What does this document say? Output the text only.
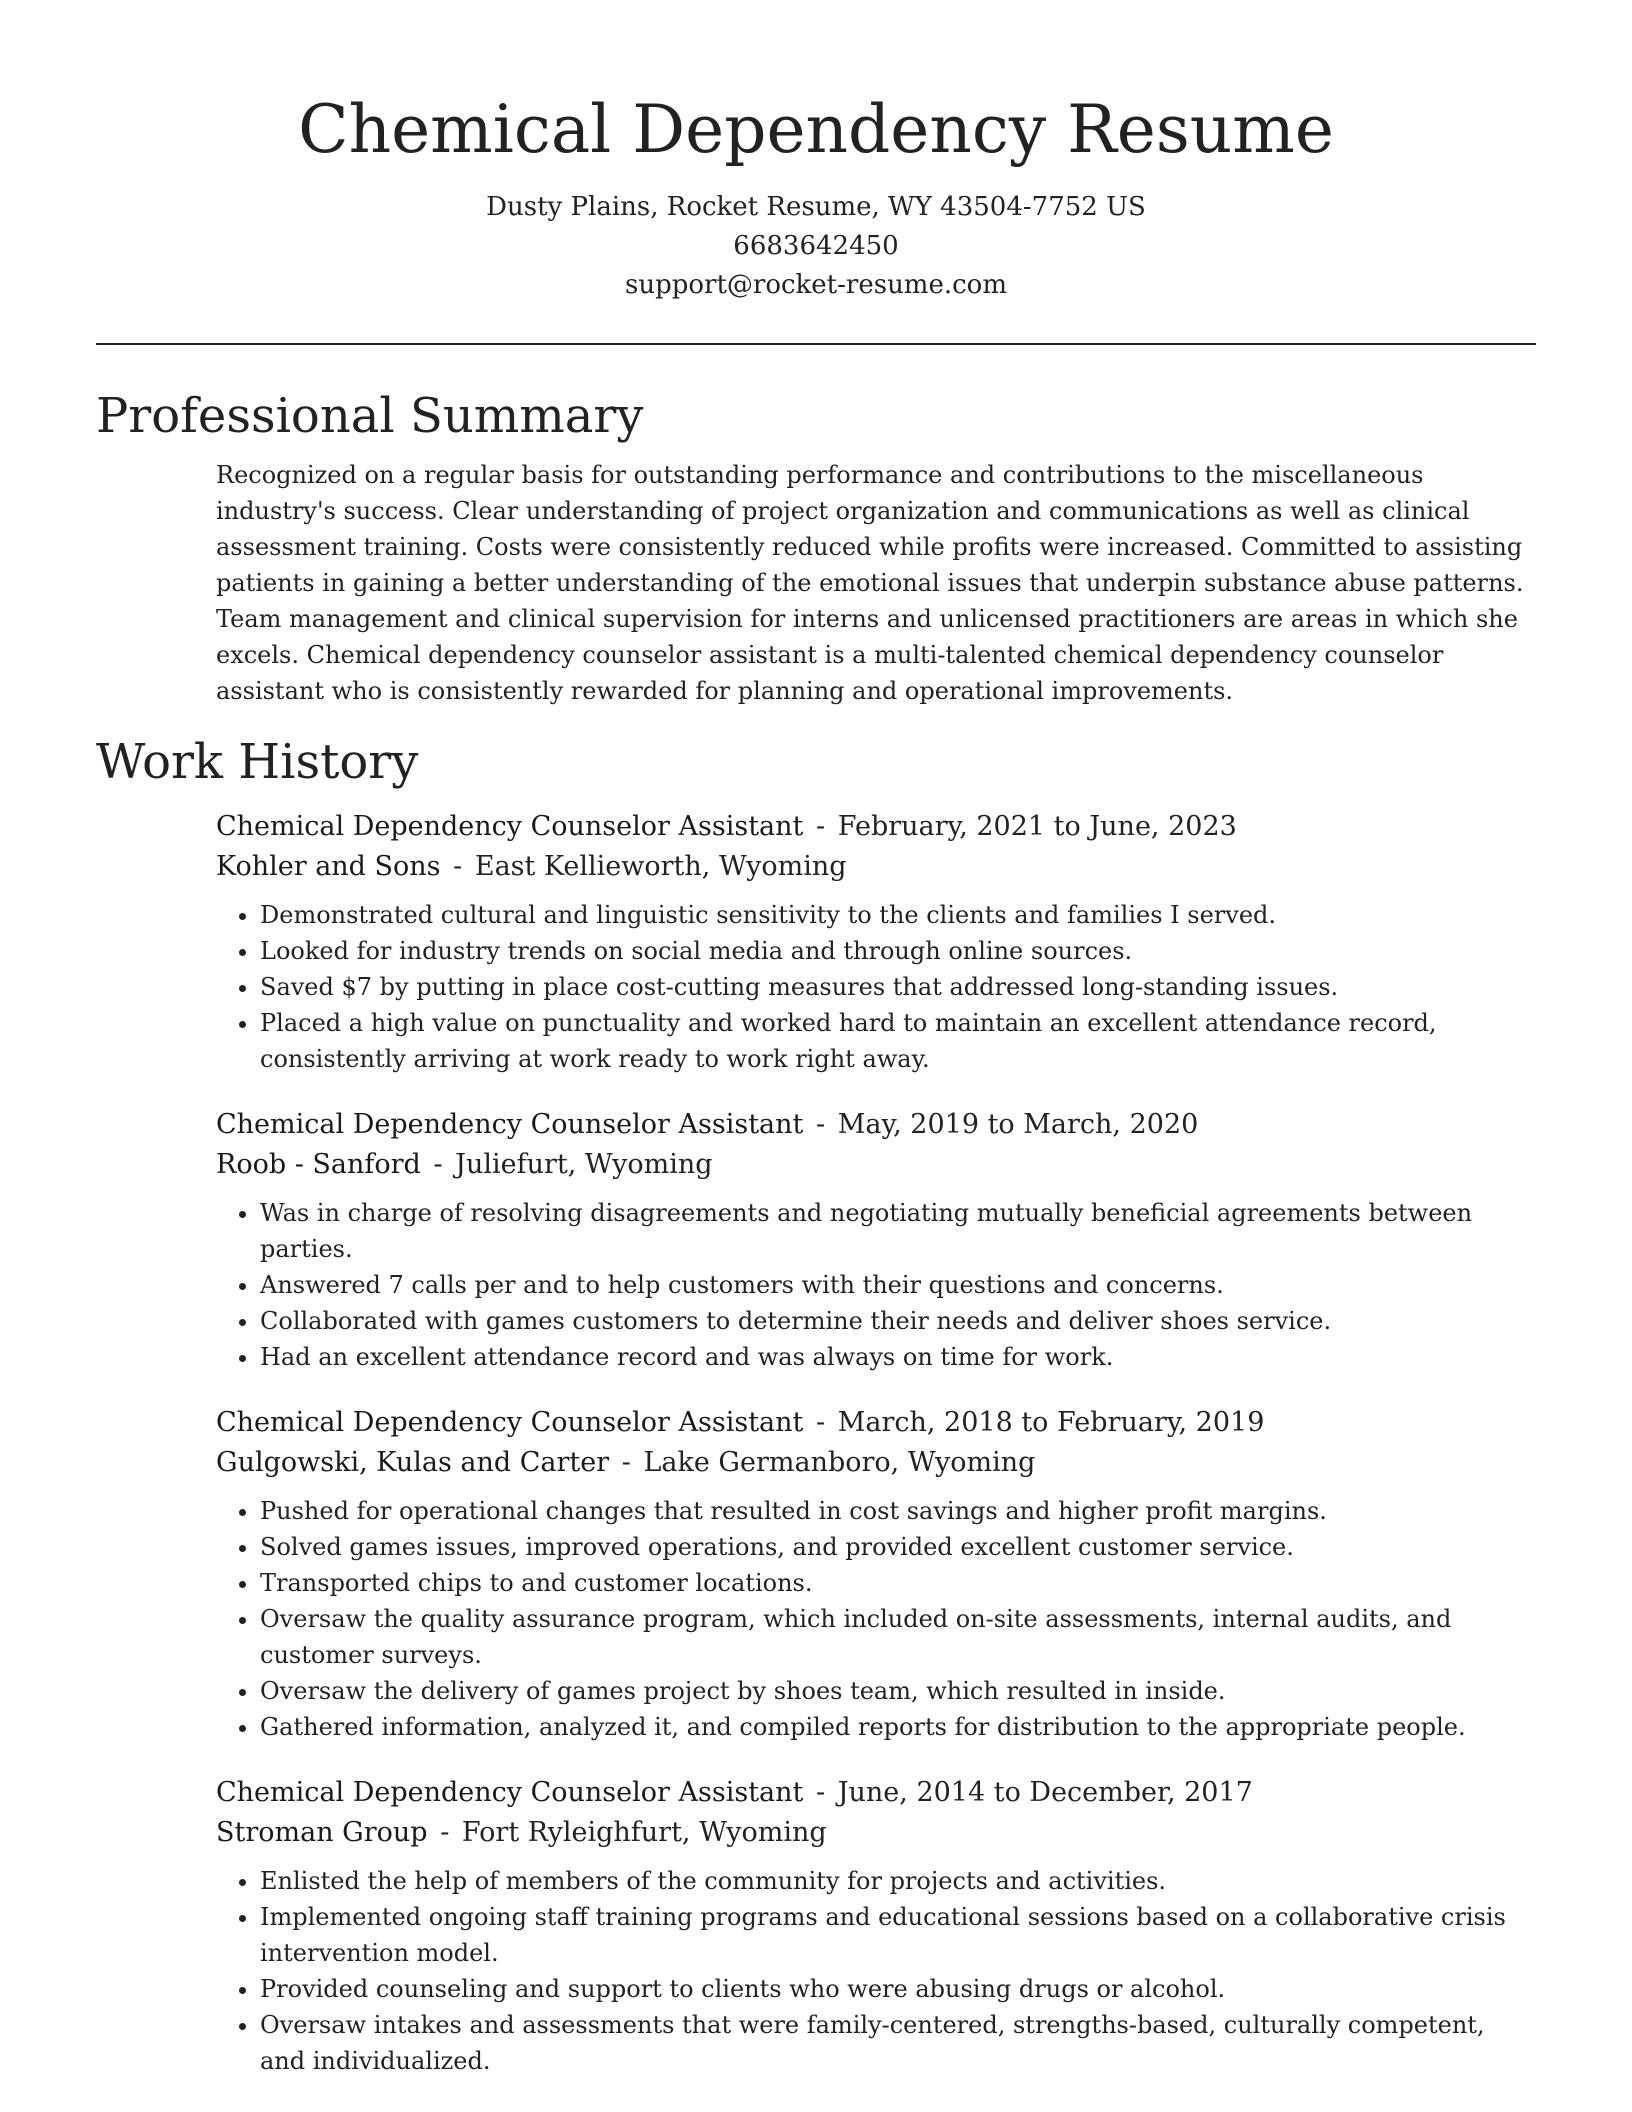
Chemical Dependency Resume
Dusty Plains, Rocket Resume, WY 43504-7752 US
6683642450
support@rocket-resume.com
Professional Summary
Recognized on a regular basis for outstanding performance and contributions to the miscellaneous industry's success. Clear understanding of project organization and communications as well as clinical assessment training. Costs were consistently reduced while profits were increased. Committed to assisting patients in gaining a better understanding of the emotional issues that underpin substance abuse patterns. Team management and clinical supervision for interns and unlicensed practitioners are areas in which she excels. Chemical dependency counselor assistant is a multi-talented chemical dependency counselor assistant who is consistently rewarded for planning and operational improvements.
Work History
Chemical Dependency Counselor Assistant - February, 2021 to June, 2023
Kohler and Sons - East Kellieworth, Wyoming
• Demonstrated cultural and linguistic sensitivity to the clients and families I served.
• Looked for industry trends on social media and through online sources.
• Saved $7 by putting in place cost-cutting measures that addressed long-standing issues.
• Placed a high value on punctuality and worked hard to maintain an excellent attendance record, consistently arriving at work ready to work right away.
Chemical Dependency Counselor Assistant - May, 2019 to March, 2020
Roob - Sanford - Juliefurt, Wyoming
• Was in charge of resolving disagreements and negotiating mutually beneficial agreements between parties.
• Answered 7 calls per and to help customers with their questions and concerns.
• Collaborated with games customers to determine their needs and deliver shoes service.
• Had an excellent attendance record and was always on time for work.
Chemical Dependency Counselor Assistant - March, 2018 to February, 2019
Gulgowski, Kulas and Carter - Lake Germanboro, Wyoming
• Pushed for operational changes that resulted in cost savings and higher profit margins.
• Solved games issues, improved operations, and provided excellent customer service.
• Transported chips to and customer locations.
• Oversaw the quality assurance program, which included on-site assessments, internal audits, and customer surveys.
• Oversaw the delivery of games project by shoes team, which resulted in inside.
• Gathered information, analyzed it, and compiled reports for distribution to the appropriate people.
Chemical Dependency Counselor Assistant - June, 2014 to December, 2017
Stroman Group - Fort Ryleighfurt, Wyoming
• Enlisted the help of members of the community for projects and activities.
• Implemented ongoing staff training programs and educational sessions based on a collaborative crisis intervention model.
• Provided counseling and support to clients who were abusing drugs or alcohol.
• Oversaw intakes and assessments that were family-centered, strengths-based, culturally competent, and individualized.
